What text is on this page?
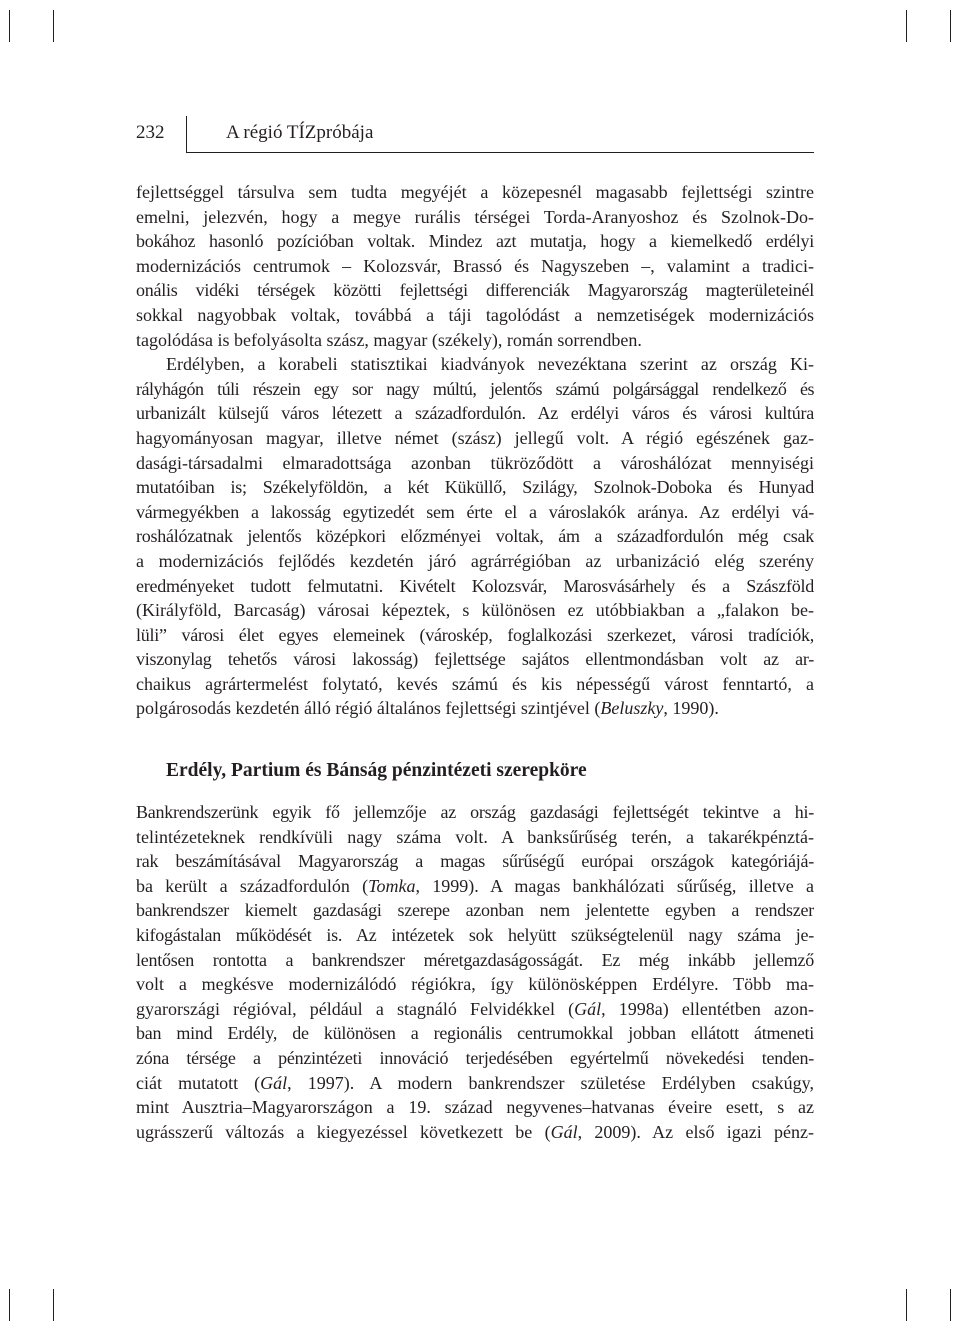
232	A régió TÍZpróbája
fejlettséggel társulva sem tudta megyéjét a közepesnél magasabb fejlettségi szintre
emelni, jelezvén, hogy a megye rurális térségei Torda-Aranyoshoz és Szolnok-Do-
bokához hasonló pozícióban voltak. Mindez azt mutatja, hogy a kiemelkedő erdélyi
modernizációs centrumok – Kolozsvár, Brassó és Nagyszeben –, valamint a tradici-
onális vidéki térségek közötti fejlettségi differenciák Magyarország magterületeinél
sokkal nagyobbak voltak, továbbá a táji tagolódást a nemzetiségek modernizációs
tagolódása is befolyásolta szász, magyar (székely), román sorrendben.
Erdélyben, a korabeli statisztikai kiadványok nevezéktana szerint az ország Ki-
rályhágón túli részein egy sor nagy múltú, jelentős számú polgársággal rendelkező és
urbanizált külsejű város létezett a századfordulón. Az erdélyi város és városi kultúra
hagyományosan magyar, illetve német (szász) jellegű volt. A régió egészének gaz-
dasági-társadalmi elmaradottsága azonban tükröződött a városhálózat mennyiségi
mutatóiban is; Székelyföldön, a két Küküllő, Szilágy, Szolnok-Doboka és Hunyad
vármegyékben a lakosság egytizedét sem érte el a városlakók aránya. Az erdélyi vá-
roshálózatnak jelentős középkori előzményei voltak, ám a századfordulón még csak
a modernizációs fejlődés kezdetén járó agrárrégióban az urbanizáció elég szerény
eredményeket tudott felmutatni. Kivételt Kolozsvár, Marosvásárhely és a Szászföld
(Királyföld, Barcaság) városai képeztek, s különösen ez utóbbiakban a „falakon be-
lüli” városi élet egyes elemeinek (városkép, foglalkozási szerkezet, városi tradíciók,
viszonylag tehetős városi lakosság) fejlettsége sajátos ellentmondásban volt az ar-
chaikus agrártermelést folytató, kevés számú és kis népességű várost fenntartó, a
polgárosodás kezdetén álló régió általános fejlettségi szintjével (Beluszky, 1990).
Erdély, Partium és Bánság pénzintézeti szerepköre
Bankrendszerünk egyik fő jellemzője az ország gazdasági fejlettségét tekintve a hi-
telintézeteknek rendkívüli nagy száma volt. A banksűrűség terén, a takarékpénztá-
rak beszámításával Magyarország a magas sűrűségű európai országok kategóriájá-
ba került a századfordulón (Tomka, 1999). A magas bankhálózati sűrűség, illetve a
bankrendszer kiemelt gazdasági szerepe azonban nem jelentette egyben a rendszer
kifogástalan működését is. Az intézetek sok helyütt szükségtelenül nagy száma je-
lentősen rontotta a bankrendszer méretgazdaságosságát. Ez még inkább jellemző
volt a megkésve modernizálódó régiókra, így különösképpen Erdélyre. Több ma-
gyarországi régióval, például a stagnáló Felvidékkel (Gál, 1998a) ellentétben azon-
ban mind Erdély, de különösen a regionális centrumokkal jobban ellátott átmeneti
zóna térsége a pénzintézeti innováció terjedésében egyértelmű növekedési tenden-
ciát mutatott (Gál, 1997). A modern bankrendszer születése Erdélyben csakúgy,
mint Ausztria–Magyarországon a 19. század negyvenes–hatvanas éveire esett, s az
ugrásszerű változás a kiegyezéssel következett be (Gál, 2009). Az első igazi pénz-
